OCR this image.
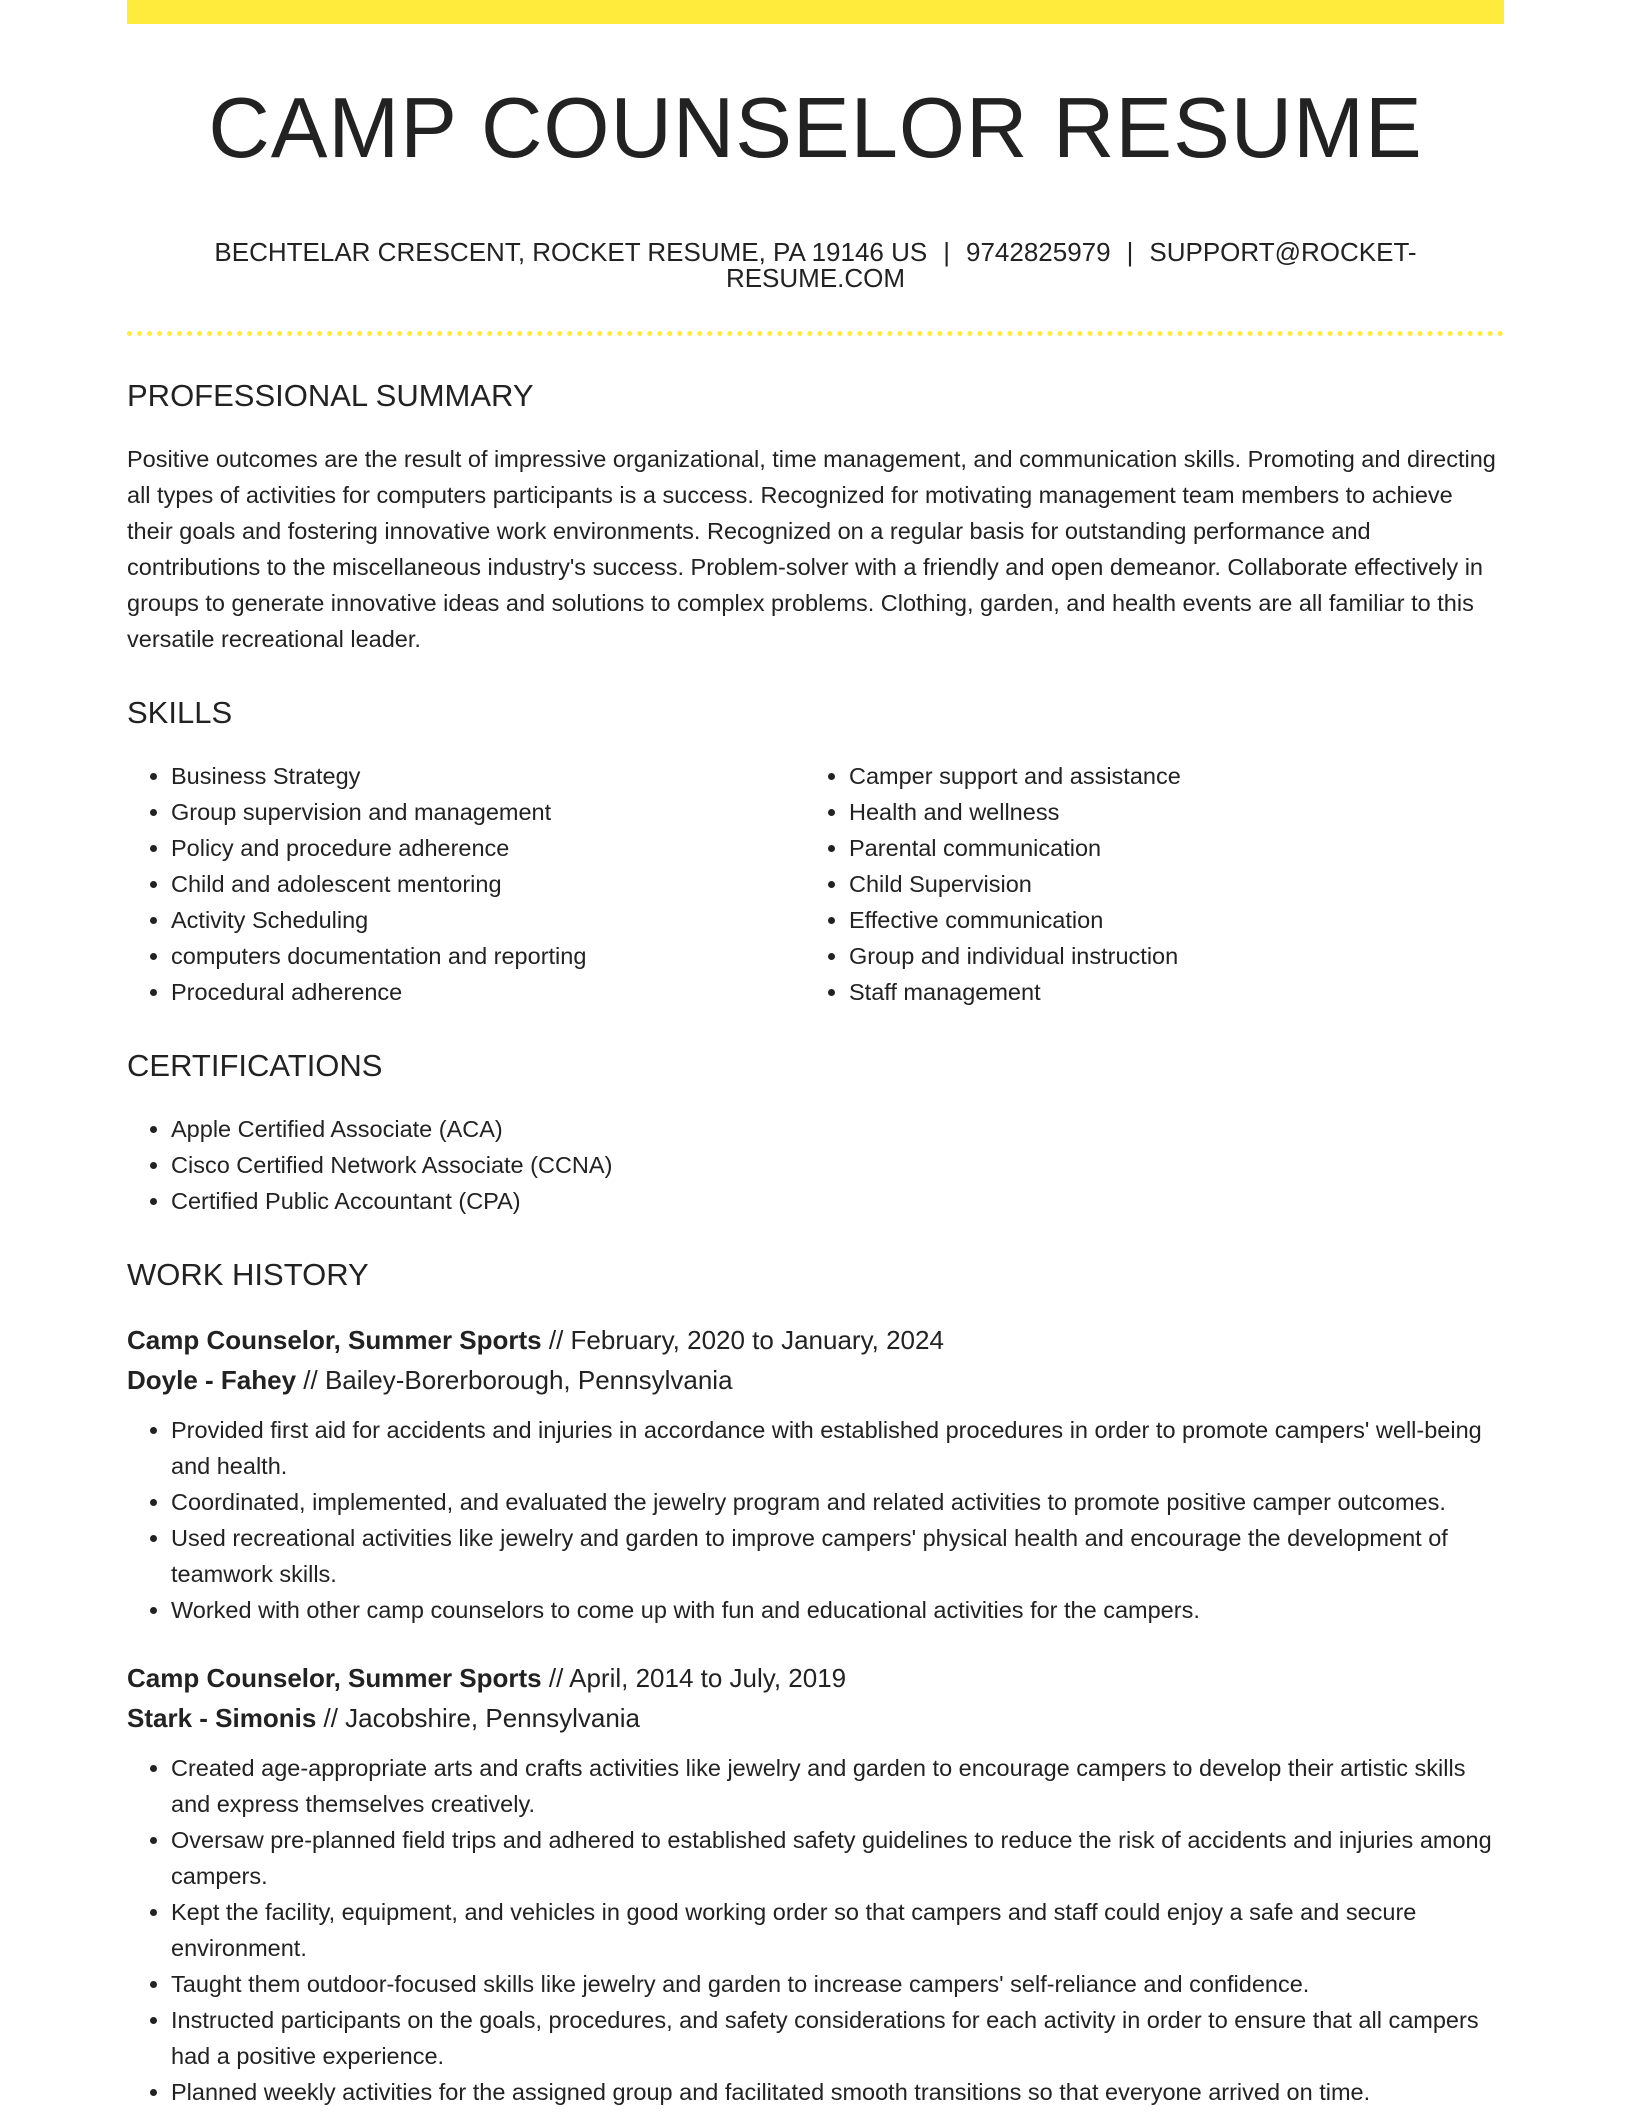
CAMP COUNSELOR RESUME
BECHTELAR CRESCENT, ROCKET RESUME, PA 19146 US | 9742825979 | SUPPORT@ROCKET-RESUME.COM
PROFESSIONAL SUMMARY
Positive outcomes are the result of impressive organizational, time management, and communication skills. Promoting and directing all types of activities for computers participants is a success. Recognized for motivating management team members to achieve their goals and fostering innovative work environments. Recognized on a regular basis for outstanding performance and contributions to the miscellaneous industry's success. Problem-solver with a friendly and open demeanor. Collaborate effectively in groups to generate innovative ideas and solutions to complex problems. Clothing, garden, and health events are all familiar to this versatile recreational leader.
SKILLS
• Business Strategy
• Group supervision and management
• Policy and procedure adherence
• Child and adolescent mentoring
• Activity Scheduling
• computers documentation and reporting
• Procedural adherence
• Camper support and assistance
• Health and wellness
• Parental communication
• Child Supervision
• Effective communication
• Group and individual instruction
• Staff management
CERTIFICATIONS
• Apple Certified Associate (ACA)
• Cisco Certified Network Associate (CCNA)
• Certified Public Accountant (CPA)
WORK HISTORY
Camp Counselor, Summer Sports // February, 2020 to January, 2024
Doyle - Fahey // Bailey-Borerborough, Pennsylvania
• Provided first aid for accidents and injuries in accordance with established procedures in order to promote campers' well-being and health.
• Coordinated, implemented, and evaluated the jewelry program and related activities to promote positive camper outcomes.
• Used recreational activities like jewelry and garden to improve campers' physical health and encourage the development of teamwork skills.
• Worked with other camp counselors to come up with fun and educational activities for the campers.
Camp Counselor, Summer Sports // April, 2014 to July, 2019
Stark - Simonis // Jacobshire, Pennsylvania
• Created age-appropriate arts and crafts activities like jewelry and garden to encourage campers to develop their artistic skills and express themselves creatively.
• Oversaw pre-planned field trips and adhered to established safety guidelines to reduce the risk of accidents and injuries among campers.
• Kept the facility, equipment, and vehicles in good working order so that campers and staff could enjoy a safe and secure environment.
• Taught them outdoor-focused skills like jewelry and garden to increase campers' self-reliance and confidence.
• Instructed participants on the goals, procedures, and safety considerations for each activity in order to ensure that all campers had a positive experience.
• Planned weekly activities for the assigned group and facilitated smooth transitions so that everyone arrived on time.
